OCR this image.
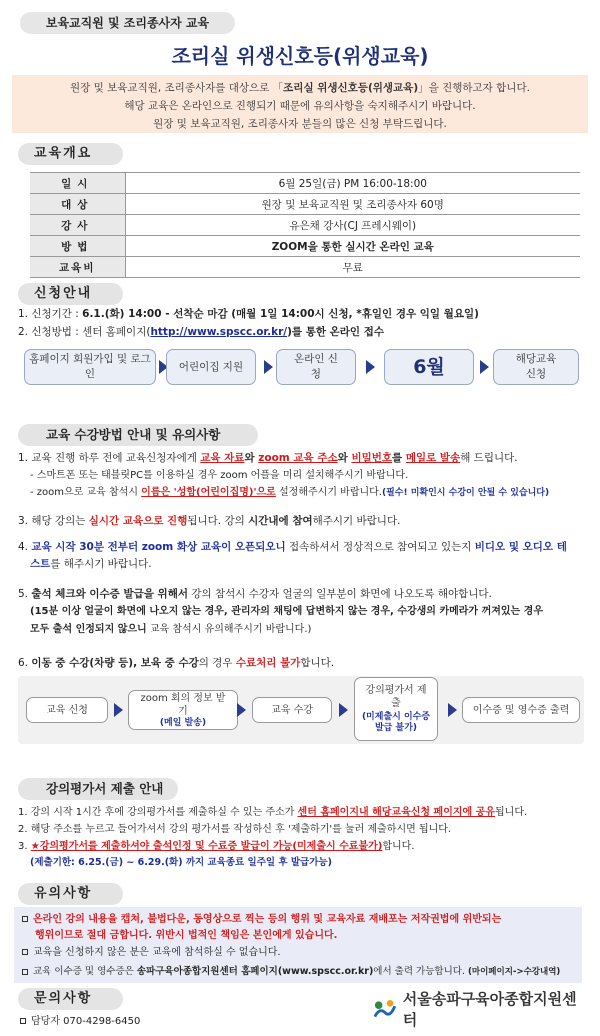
보육교직원 및 조리종사자 교육
조리실 위생신호등(위생교육)
원장 및 보육교직원, 조리종사자를 대상으로 「조리실 위생신호등(위생교육)」을 진행하고자 합니다.
해당 교육은 온라인으로 진행되기 때문에 유의사항을 숙지해주시기 바랍니다.
원장 및 보육교직원, 조리종사자 분들의 많은 신청 부탁드립니다.
교육개요
일시	6월 25일(금) PM 16:00-18:00
대상	원장 및 보육교직원 및 조리종사자 60명
강사	유은채 강사(CJ 프레시웨이)
방법	ZOOM을 통한 실시간 온라인 교육
교육비	무료
신청안내
1. 신청기간 : 6.1.(화) 14:00 - 선착순 마감 (매월 1일 14:00시 신청, *휴일인 경우 익일 월요일)
2. 신청방법 : 센터 홈페이지(http://www.spscc.or.kr/)를 통한 온라인 접수
홈페이지 회원가입 및 로그인
어린이집 지원
온라인 신청	6월	해당교육 신청
교육 수강방법 안내 및 유의사항
1. 교육 진행 하루 전에 교육신청자에게 교육 자료와 zoom 교육 주소와 비밀번호를 메일로 발송해 드립니다.
- 스마트폰 또는 태블릿PC를 이용하실 경우 zoom 어플을 미리 설치해주시기 바랍니다.
- zoom으로 교육 참석시 이름은 '성함(어린이집명)'으로 설정해주시기 바랍니다.(필수! 미확인시 수강이 안될 수 있습니다)
3. 해당 강의는 실시간 교육으로 진행됩니다. 강의 시간내에 참여해주시기 바랍니다.
4. 교육 시작 30분 전부터 zoom 화상 교육이 오픈되오니 접속하셔서 정상적으로 참여되고 있는지 비디오 및 오디오 테
스트를 해주시기 바랍니다.
5. 출석 체크와 이수증 발급을 위해서 강의 참석시 수강자 얼굴의 일부분이 화면에 나오도록 해야합니다.
(15분 이상 얼굴이 화면에 나오지 않는 경우, 관리자의 채팅에 답변하지 않는 경우, 수강생의 카메라가 꺼져있는 경우
모두 출석 인정되지 않으니 교육 참석시 유의해주시기 바랍니다.)
6. 이동 중 수강(차량 등), 보육 중 수강의 경우 수료처리 불가합니다.
교육 신청
zoom 회의 정보 받기
(메일 발송)
교육 수강
강의평가서 제출
(미제출시 이수증 발급 불가)
이수증 및 영수증 출력
강의평가서 제출 안내
1. 강의 시작 1시간 후에 강의평가서를 제출하실 수 있는 주소가 센터 홈페이지내 해당교육신청 페이지에 공유됩니다.
2. 해당 주소를 누르고 들어가셔서 강의 평가서를 작성하신 후 '제출하기'를 눌러 제출하시면 됩니다.
3. ★강의평가서를 제출하셔야 출석인정 및 수료증 발급이 가능(미제출시 수료불가)합니다.
(제출기한: 6.25.(금) ~ 6.29.(화) 까지 교육종료 일주일 후 발급가능)
유의사항
온라인 강의 내용을 캡쳐, 불법다운, 동영상으로 찍는 등의 행위 및 교육자료 재배포는 저작권법에 위반되는
행위이므로 절대 금합니다. 위반시 법적인 책임은 본인에게 있습니다.
교육을 신청하지 않은 분은 교육에 참석하실 수 없습니다.
교육 이수증 및 영수증은 송파구육아종합지원센터 홈페이지(www.spscc.or.kr)에서 출력 가능합니다. (마이페이지->수강내역)
문의사항
담당자 070-4298-6450
서울송파구육아종합지원센터
